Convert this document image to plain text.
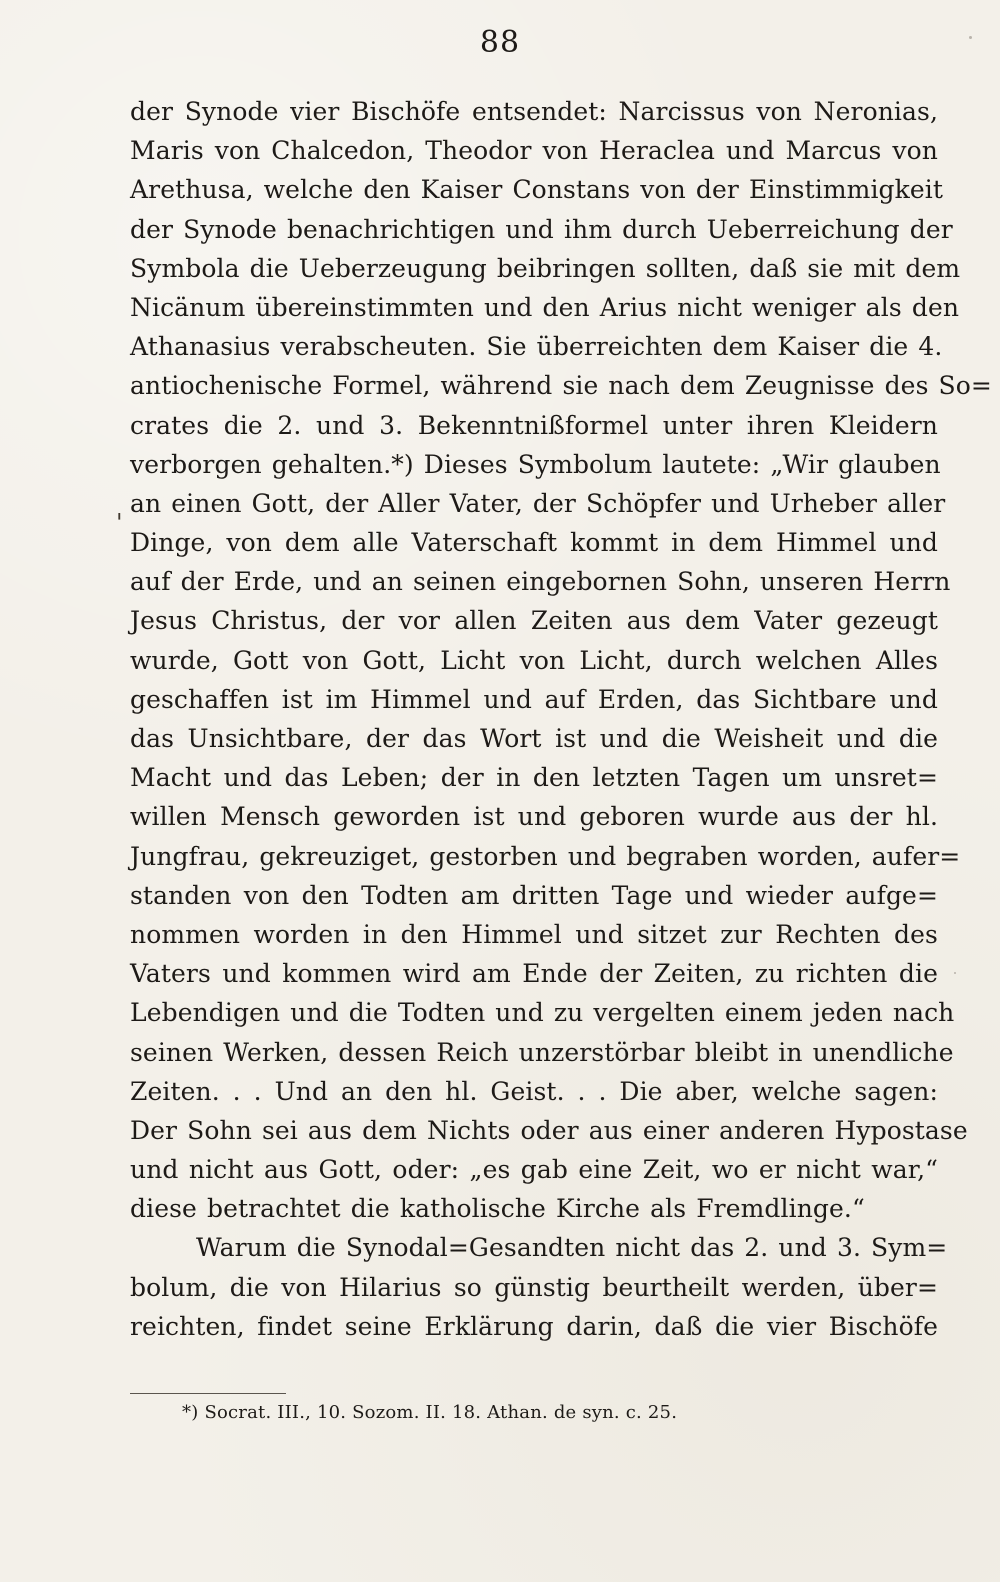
88
'
der Synode vier Bischöfe entsendet: Narcissus von Neronias,
Maris von Chalcedon, Theodor von Heraclea und Marcus von
Arethusa, welche den Kaiser Constans von der Einstimmigkeit
der Synode benachrichtigen und ihm durch Ueberreichung der
Symbola die Ueberzeugung beibringen sollten, daß sie mit dem
Nicänum übereinstimmten und den Arius nicht weniger als den
Athanasius verabscheuten. Sie überreichten dem Kaiser die 4.
antiochenische Formel, während sie nach dem Zeugnisse des So=
crates die 2. und 3. Bekenntnißformel unter ihren Kleidern
verborgen gehalten.*) Dieses Symbolum lautete: „Wir glauben
an einen Gott, der Aller Vater, der Schöpfer und Urheber aller
Dinge, von dem alle Vaterschaft kommt in dem Himmel und
auf der Erde, und an seinen eingebornen Sohn, unseren Herrn
Jesus Christus, der vor allen Zeiten aus dem Vater gezeugt
wurde, Gott von Gott, Licht von Licht, durch welchen Alles
geschaffen ist im Himmel und auf Erden, das Sichtbare und
das Unsichtbare, der das Wort ist und die Weisheit und die
Macht und das Leben; der in den letzten Tagen um unsret=
willen Mensch geworden ist und geboren wurde aus der hl.
Jungfrau, gekreuziget, gestorben und begraben worden, aufer=
standen von den Todten am dritten Tage und wieder aufge=
nommen worden in den Himmel und sitzet zur Rechten des
Vaters und kommen wird am Ende der Zeiten, zu richten die
Lebendigen und die Todten und zu vergelten einem jeden nach
seinen Werken, dessen Reich unzerstörbar bleibt in unendliche
Zeiten. . . Und an den hl. Geist. . . Die aber, welche sagen:
Der Sohn sei aus dem Nichts oder aus einer anderen Hypostase
und nicht aus Gott, oder: „es gab eine Zeit, wo er nicht war,“
diese betrachtet die katholische Kirche als Fremdlinge.“
Warum die Synodal=Gesandten nicht das 2. und 3. Sym=
bolum, die von Hilarius so günstig beurtheilt werden, über=
reichten, findet seine Erklärung darin, daß die vier Bischöfe
*) Socrat. III., 10. Sozom. II. 18. Athan. de syn. c. 25.
